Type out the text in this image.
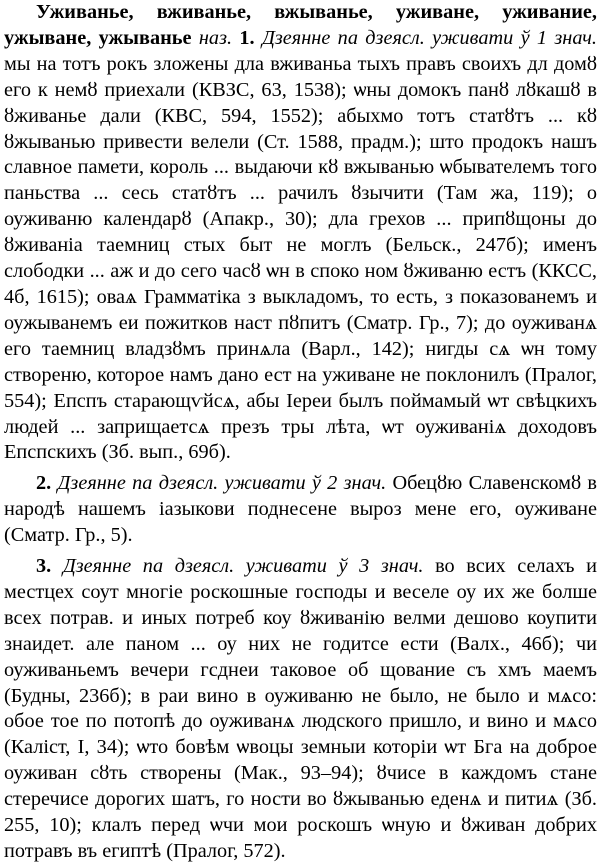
Уживанье, вживанье, вжыванье, уживане, уживание, ужыване, ужыванье наз. 1. Дзеянне па дзеясл. уживати ў 1 знач. мы на тотъ рокъ зложены дла вживаньа тыхъ правъ своихъ дл домȣ его к немȣ приехали (КВЗС, 63, 1538); ѡны домокъ панȣ лȣкашȣ в ȣживанье дали (КВС, 594, 1552); абыхмо тотъ статȣтъ ... кȣ ȣжыванью привести велели (Ст. 1588, прадм.); што продокъ нашъ славное памети, король ... выдаючи кȣ вжыванью ѡбывателемъ того паньства ... сесь статȣтъ ... рачилъ ȣзычити (Там жа, 119); о оуживаню календарȣ (Апакр., 30); дла грехов ... припȣщоны до ȣживаніа таемниц стых быт не моглъ (Бельск., 247б); именъ слободки ... аж и до сего часȣ ѡн в споко ном ȣживаню естъ (ККСС, 4б, 1615); оваѧ Грамматіка з выкладомъ, то есть, з показованемъ и оужыванемъ еи пожитков наст пȣпитъ (Сматр. Гр., 7); до оуживанѧ его таемниц владзȣмъ принѧла (Варл., 142); нигды сѧ ѡн тому створеню, которое намъ дано ест на уживане не поклонилъ (Пралог, 554); Епспъ старающѵйсѧ, абы Іереи былъ поймамый ѡт свѣцкихъ людей ... заприщаетсѧ презъ тры лѣта, ѡт оуживаніѧ доходовъ Епспскихъ (Зб. вып., 69б).

2. Дзеянне па дзеясл. уживати ў 2 знач. Обецȣю Славенскомȣ в народѣ нашемъ іазыкови поднесене выроз мене его, оуживане (Сматр. Гр., 5).

3. Дзеянне па дзеясл. уживати ў 3 знач. во всих селахъ и местцех соут многіе роскошные господы и веселе оу их же болше всех потрав. и иных потреб коу ȣживанію велми дешово коупити знаидет. але паном ... оу них не годитсе ести (Валх., 46б); чи оуживаньемъ вечери гсднеи таковое об щование съ хмъ маемъ (Будны, 236б); в раи вино в оуживаню не было, не было и мѧсо: обое тое по потопѣ до оуживанѧ людского пришло, и вино и мѧсо (Каліст, I, 34); ѡто бовѣм ѡвоцы земныи которіи ѡт Бга на доброе оуживан сȣть створены (Мак., 93–94); ȣчисе в каждомъ стане стеречисе дорогих шатъ, го ности во ȣжыванью еденѧ и питиѧ (Зб. 255, 10); клалъ перед ѡчи мои роскошъ ѡную и ȣживан добрих потравъ въ египтѣ (Пралог, 572).
